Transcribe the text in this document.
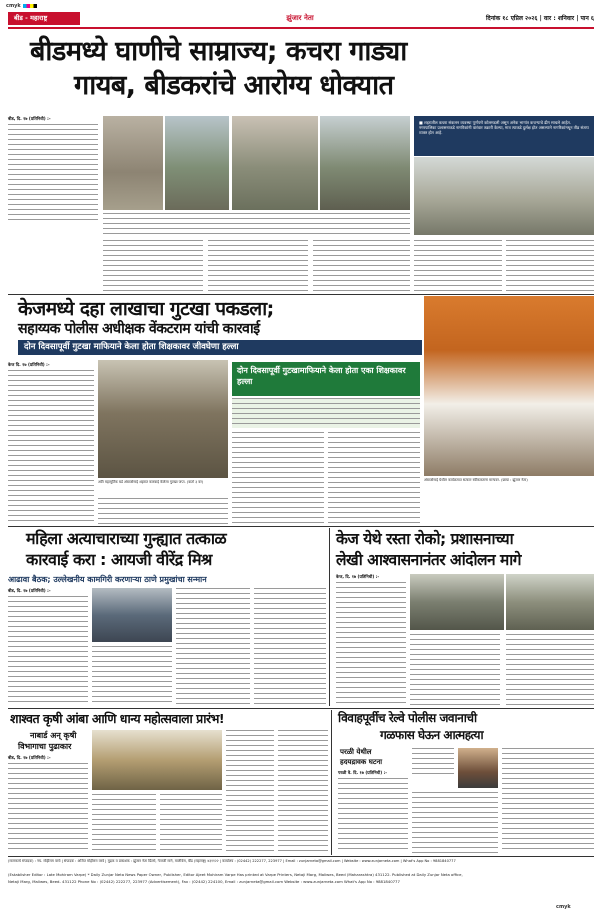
cmyk
बीड - महाराष्ट्र	झुंजार नेता	दिनांक १८ एप्रिल २०२६ | वार : शनिवार | पान ६
बीडमध्ये घाणीचे साम्राज्य; कचरा गाड्या
गायब, बीडकरांचे आरोग्य धोक्यात
बीड, दि. १७ (प्रतिनिधी) :-
■ शहरातील कचरा संकलन व्यवस्था पूर्णपणे कोलमडली असून अनेक भागांत कचऱ्याचे ढीग साचले आहेत. नगरपालिका प्रशासनाकडे नागरिकांनी वारंवार तक्रारी केल्या, मात्र त्याकडे दुर्लक्ष होत असल्याने नागरिकांमधून तीव्र संताप व्यक्त होत आहे.
केजमध्ये दहा लाखाचा गुटखा पकडला;
सहाय्यक पोलीस अधीक्षक वेंकटराम यांची कारवाई
दोन दिवसापूर्वी गुटखा माफियाने केला होता शिक्षकावर जीवघेणा हल्ला
केज दि. १७ (प्रतिनिधी) :-
अति महामूर्तिक बर्ड अंबाजोगाई शहरात कारवाई केलेला गुटखा जप्त. (वार्ता ३ वर)
दोन दिवसापूर्वी गुटखामाफियाने केला होता एका शिक्षकावर हल्ला
अंबाजोगाई येथील कार्यक्रमात सत्कार स्वीकारताना मान्यवर. (छाया : झुंजार नेता)
महिला अत्याचाराच्या गुन्ह्यात तत्काळ
कारवाई करा : आयजी वीरेंद्र मिश्र
आढावा बैठक; उल्लेखनीय कामगिरी करणाऱ्या ठाणे प्रमुखांचा सन्मान
बीड, दि. १७ (प्रतिनिधी) :-
केज येथे रस्ता रोको; प्रशासनाच्या
लेखी आश्वासनानंतर आंदोलन मागे
केज, दि. १७ (प्रतिनिधी) :-
शाश्वत कृषी आंबा आणि धान्य महोत्सवाला प्रारंभ!
नाबार्ड अन् कृषी
विभागाचा पुढाकार
बीड, दि. १७ (प्रतिनिधी) :-
विवाहपूर्वीच रेल्वे पोलीस जवानाची
गळफास घेऊन आत्महत्या
परळी येथील
हदयद्रावक घटना
परळी वै. दि. १७ (प्रतिनिधी) :-
(मालकाचे संपादक) : नय. मोहीराम वरवे | संपादक : अजित मोहीराम वरवे | मुद्रक व प्रकाशक : झुंजार नेता प्रिंटर्स, नेताजी मार्ग, मालीवेस, बीड (महाराष्ट्र) ४३११२२ | कार्यालय : (02442) 222277, 223977 | Email : zunjarneta@gmail.com | Website : www.zunjarneta.com | What's App No : 9881840777
(Establisher Editor : Late Mohiram Varpe) * Daily Zunjar Neta News Paper Owner, Publisher, Editor Ajeet Mohiram Varpe Has printed at Varpe Printers, Netaji Marg, Maliwes, Beed (Maharashtra) 431122. Published at Daily Zunjar Neta office,
Netaji Marg, Maliwes, Beed- 431122 Phone No : (02442) 222277, 223977 (Advertisement), Fax : (02442) 224100, Email : zunjarneta@gmail.com Website : www.zunjarneta.com What's App No : 9881840777
cmyk
